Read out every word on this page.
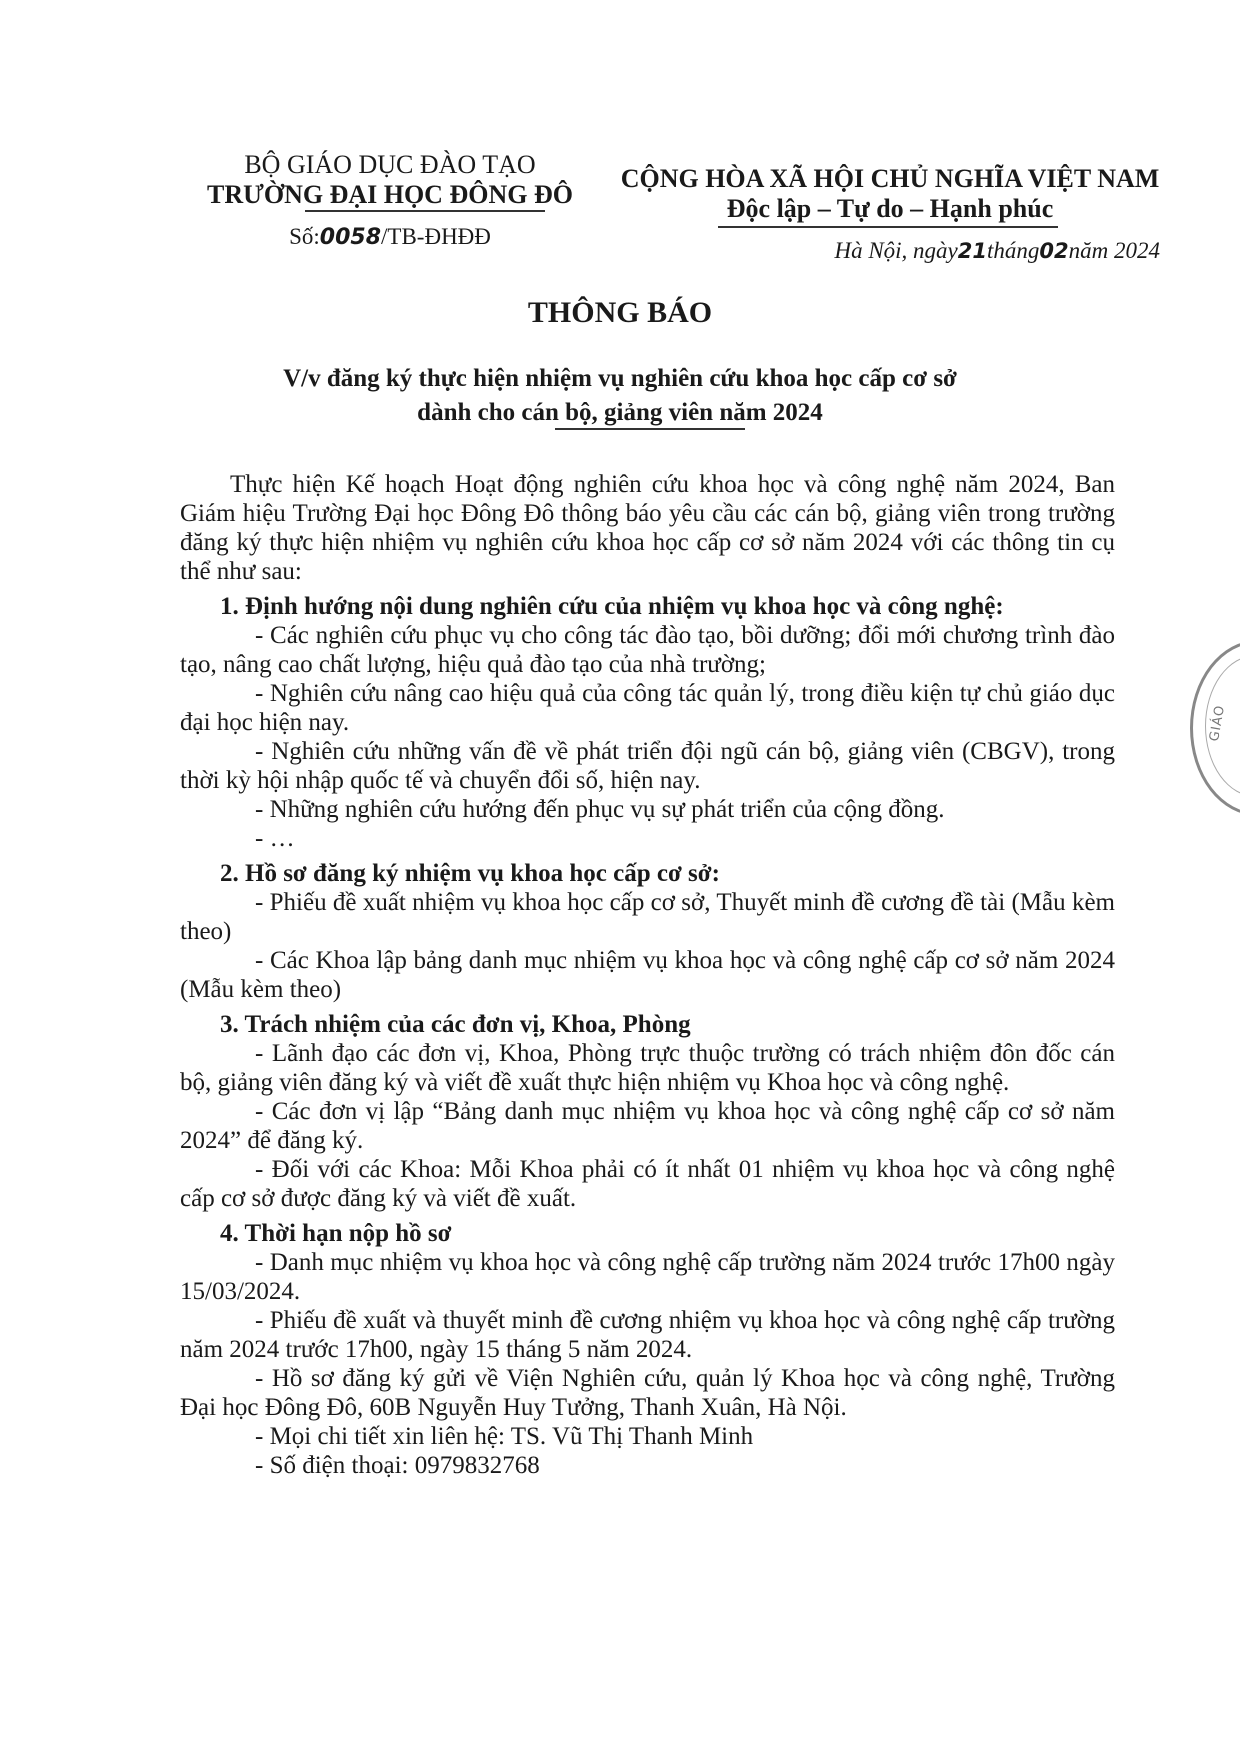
BỘ GIÁO DỤC ĐÀO TẠO
TRƯỜNG ĐẠI HỌC ĐÔNG ĐÔ
Số:0058/TB-ĐHĐĐ
CỘNG HÒA XÃ HỘI CHỦ NGHĨA VIỆT NAM
Độc lập – Tự do – Hạnh phúc
Hà Nội, ngày21tháng02năm 2024
THÔNG BÁO
V/v đăng ký thực hiện nhiệm vụ nghiên cứu khoa học cấp cơ sở
dành cho cán bộ, giảng viên năm 2024

Thực hiện Kế hoạch Hoạt động nghiên cứu khoa học và công nghệ năm 2024, Ban Giám hiệu Trường Đại học Đông Đô thông báo yêu cầu các cán bộ, giảng viên trong trường đăng ký thực hiện nhiệm vụ nghiên cứu khoa học cấp cơ sở năm 2024 với các thông tin cụ thể như sau:

1. Định hướng nội dung nghiên cứu của nhiệm vụ khoa học và công nghệ:

- Các nghiên cứu phục vụ cho công tác đào tạo, bồi dưỡng; đổi mới chương trình đào tạo, nâng cao chất lượng, hiệu quả đào tạo của nhà trường;

- Nghiên cứu nâng cao hiệu quả của công tác quản lý, trong điều kiện tự chủ giáo dục đại học hiện nay.

- Nghiên cứu những vấn đề về phát triển đội ngũ cán bộ, giảng viên (CBGV), trong thời kỳ hội nhập quốc tế và chuyển đổi số, hiện nay.

- Những nghiên cứu hướng đến phục vụ sự phát triển của cộng đồng.

- …

2. Hồ sơ đăng ký nhiệm vụ khoa học cấp cơ sở:

- Phiếu đề xuất nhiệm vụ khoa học cấp cơ sở, Thuyết minh đề cương đề tài (Mẫu kèm theo)

- Các Khoa lập bảng danh mục nhiệm vụ khoa học và công nghệ cấp cơ sở năm 2024 (Mẫu kèm theo)

3. Trách nhiệm của các đơn vị, Khoa, Phòng

- Lãnh đạo các đơn vị, Khoa, Phòng trực thuộc trường có trách nhiệm đôn đốc cán bộ, giảng viên đăng ký và viết đề xuất thực hiện nhiệm vụ Khoa học và công nghệ.

- Các đơn vị lập “Bảng danh mục nhiệm vụ khoa học và công nghệ cấp cơ sở năm 2024” để đăng ký.

- Đối với các Khoa: Mỗi Khoa phải có ít nhất 01 nhiệm vụ khoa học và công nghệ cấp cơ sở được đăng ký và viết đề xuất.

4. Thời hạn nộp hồ sơ

- Danh mục nhiệm vụ khoa học và công nghệ cấp trường năm 2024 trước 17h00 ngày 15/03/2024.

- Phiếu đề xuất và thuyết minh đề cương nhiệm vụ khoa học và công nghệ cấp trường năm 2024 trước 17h00, ngày 15 tháng 5 năm 2024.

- Hồ sơ đăng ký gửi về Viện Nghiên cứu, quản lý Khoa học và công nghệ, Trường Đại học Đông Đô, 60B Nguyễn Huy Tưởng, Thanh Xuân, Hà Nội.

- Mọi chi tiết xin liên hệ: TS. Vũ Thị Thanh Minh

- Số điện thoại: 0979832768

GIÁO
